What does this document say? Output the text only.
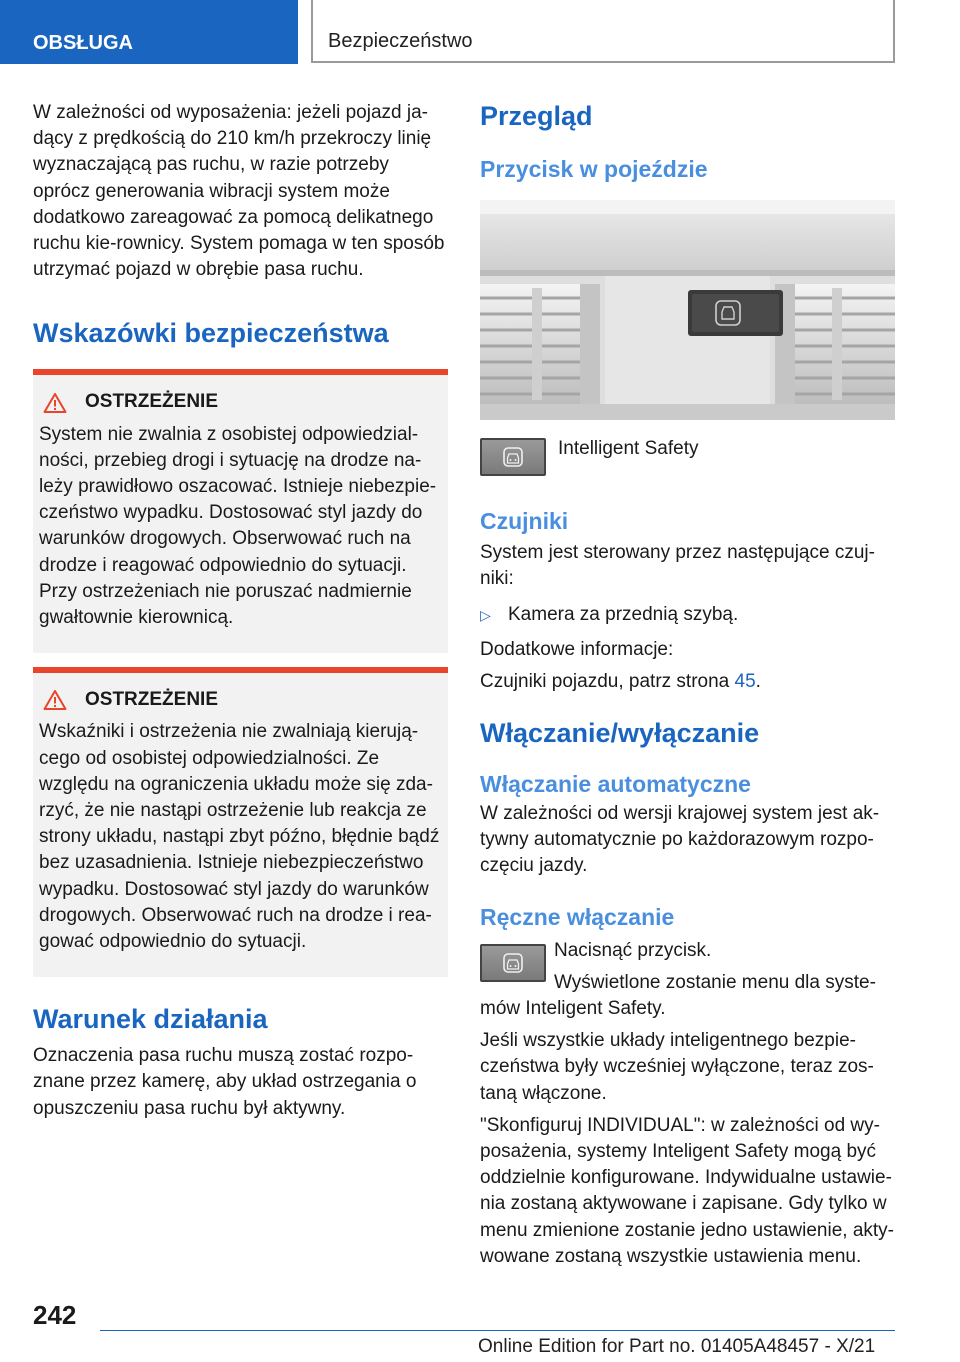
OBSŁUGA	Bezpieczeństwo

W zależności od wyposażenia: jeżeli pojazd ja-dący z prędkością do 210 km/h przekroczy linię wyznaczającą pas ruchu, w razie potrzeby oprócz generowania wibracji system może dodatkowo zareagować za pomocą delikatnego ruchu kie-rownicy. System pomaga w ten sposób utrzymać pojazd w obrębie pasa ruchu.

Wskazówki bezpieczeństwa
OSTRZEŻENIE

System nie zwalnia z osobistej odpowiedzial-ności, przebieg drogi i sytuację na drodze na-leży prawidłowo oszacować. Istnieje niebezpie-czeństwo wypadku. Dostosować styl jazdy do warunków drogowych. Obserwować ruch na drodze i reagować odpowiednio do sytuacji. Przy ostrzeżeniach nie poruszać nadmiernie gwałtownie kierownicą.

OSTRZEŻENIE

Wskaźniki i ostrzeżenia nie zwalniają kierują-cego od osobistej odpowiedzialności. Ze względu na ograniczenia układu może się zda-rzyć, że nie nastąpi ostrzeżenie lub reakcja ze strony układu, nastąpi zbyt późno, błędnie bądź bez uzasadnienia. Istnieje niebezpieczeństwo wypadku. Dostosować styl jazdy do warunków drogowych. Obserwować ruch na drodze i rea-gować odpowiednio do sytuacji.

Warunek działania

Oznaczenia pasa ruchu muszą zostać rozpo-znane przez kamerę, aby układ ostrzegania o opuszczeniu pasa ruchu był aktywny.

Przegląd
Przycisk w pojeździe
Intelligent Safety
Czujniki

System jest sterowany przez następujące czuj-niki:

▷ Kamera za przednią szybą.

Dodatkowe informacje:

Czujniki pojazdu, patrz strona 45.

Włączanie/wyłączanie
Włączanie automatyczne

W zależności od wersji krajowej system jest ak-tywny automatycznie po każdorazowym rozpo-częciu jazdy.

Ręczne włączanie

Nacisnąć przycisk.

Wyświetlone zostanie menu dla syste-mów Inteligent Safety.

Jeśli wszystkie układy inteligentnego bezpie-czeństwa były wcześniej wyłączone, teraz zos-taną włączone.

"Skonfiguruj INDIVIDUAL": w zależności od wy-posażenia, systemy Inteligent Safety mogą być oddzielnie konfigurowane. Indywidualne ustawie-nia zostaną aktywowane i zapisane. Gdy tylko w menu zmienione zostanie jedno ustawienie, akty-wowane zostaną wszystkie ustawienia menu.

242
Online Edition for Part no. 01405A48457 - X/21
